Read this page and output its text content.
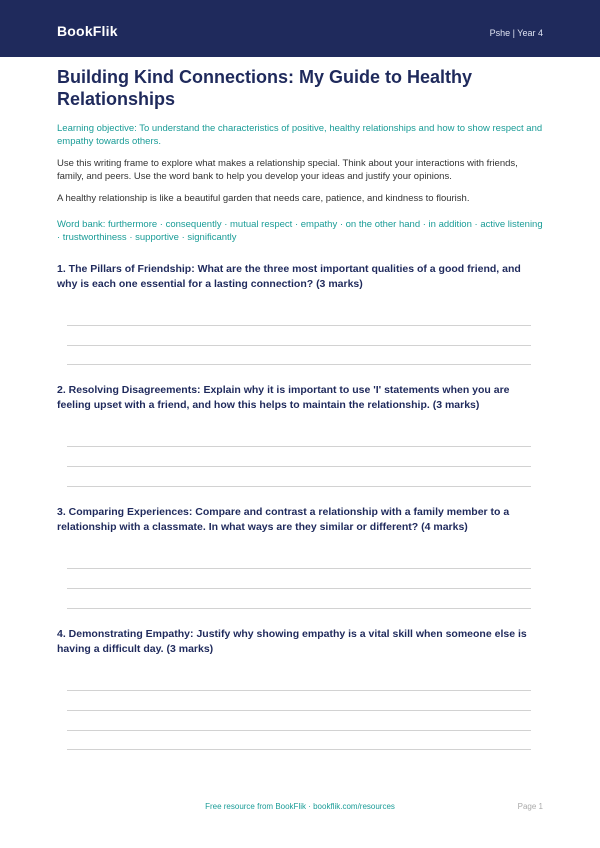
BookFlik	Pshe | Year 4
Building Kind Connections: My Guide to Healthy Relationships
Learning objective: To understand the characteristics of positive, healthy relationships and how to show respect and empathy towards others.
Use this writing frame to explore what makes a relationship special. Think about your interactions with friends, family, and peers. Use the word bank to help you develop your ideas and justify your opinions.
A healthy relationship is like a beautiful garden that needs care, patience, and kindness to flourish.
Word bank: furthermore · consequently · mutual respect · empathy · on the other hand · in addition · active listening · trustworthiness · supportive · significantly
1. The Pillars of Friendship: What are the three most important qualities of a good friend, and why is each one essential for a lasting connection? (3 marks)
2. Resolving Disagreements: Explain why it is important to use 'I' statements when you are feeling upset with a friend, and how this helps to maintain the relationship. (3 marks)
3. Comparing Experiences: Compare and contrast a relationship with a family member to a relationship with a classmate. In what ways are they similar or different? (4 marks)
4. Demonstrating Empathy: Justify why showing empathy is a vital skill when someone else is having a difficult day. (3 marks)
Free resource from BookFlik · bookflik.com/resources	Page 1
